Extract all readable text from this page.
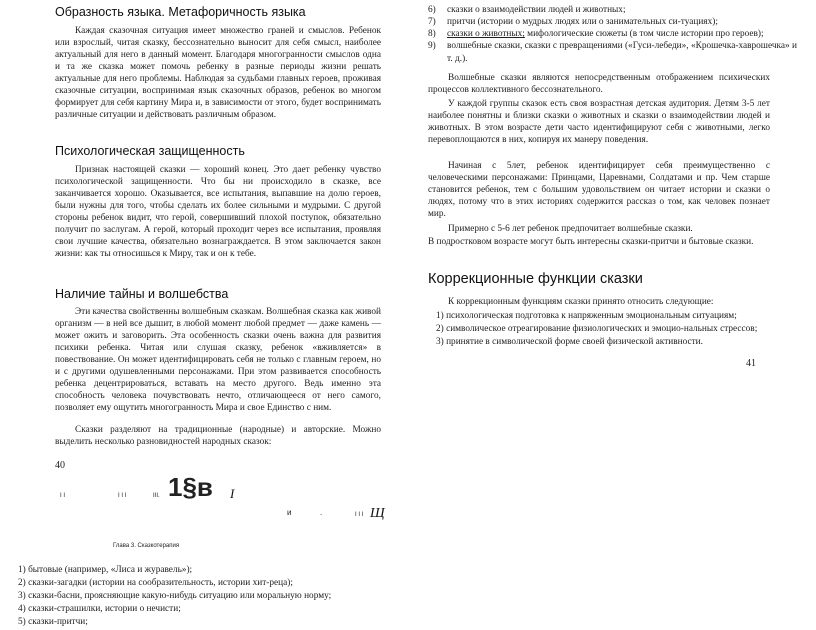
Образность языка. Метафоричность языка
Каждая сказочная ситуация имеет множество граней и смыслов. Ребенок или взрослый, читая сказку, бессознательно выносит для себя смысл, наиболее актуальный для него в данный момент. Благодаря многогранности смыслов одна и та же сказка может помочь ребенку в разные периоды жизни решать актуальные для него проблемы. Наблюдая за судьбами главных героев, проживая сказочные ситуации, воспринимая язык сказочных образов, ребенок во многом формирует для себя картину Мира и, в зависимости от этого, будет воспринимать различные ситуации и действовать различным образом.
Психологическая защищенность
Признак настоящей сказки — хороший конец. Это дает ребенку чувство психологической защищенности. Что бы ни происходило в сказке, все заканчивается хорошо. Оказывается, все испытания, выпавшие на долю героев, были нужны для того, чтобы сделать их более сильными и мудрыми. С другой стороны ребенок видит, что герой, совершивший плохой поступок, обязательно получит по заслугам. А герой, который проходит через все испытания, проявляя свои лучшие качества, обязательно вознаграждается. В этом заключается закон жизни: как ты относишься к Миру, так и он к тебе.
Наличие тайны и волшебства
Эти качества свойственны волшебным сказкам. Волшебная сказка как живой организм — в ней все дышит, в любой момент любой предмет — даже камень — может ожить и заговорить. Эта особенность сказки очень важна для развития психики ребенка. Читая или слушая сказку, ребенок «вживляется» в повествование. Он может идентифицировать себя не только с главным героем, но и с другими одушевленными персонажами. При этом развивается способность ребенка децентрироваться, вставать на место другого. Ведь именно эта способность человека почувствовать нечто, отличающееся от него самого, позволяет ему ощутить многогранность Мира и свое Единство с ним.
Сказки разделяют на традиционные (народные) и авторские. Можно выделить несколько разновидностей народных сказок:
40
I I	I I I	III. 1§в I
и	.	I I I Щ
Глава 3. Сказкотерапия
1) бытовые (например, «Лиса и журавель»);
2) сказки-загадки (истории на сообразительность, истории хит-реца);
3) сказки-басни, проясняющие какую-нибудь ситуацию или моральную норму;
4) сказки-страшилки, истории о нечисти;
5) сказки-притчи;
6) сказки о взаимодействии людей и животных;
7) притчи (истории о мудрых людях или о занимательных си-туациях);
8) сказки о животных; мифологические сюжеты (в том числе истории про героев);
9) волшебные сказки, сказки с превращениями («Гуси-лебеди», «Крошечка-хаврошечка» и т. д.).
Волшебные сказки являются непосредственным отображением психических процессов коллективного бессознательного.
У каждой группы сказок есть своя возрастная детская аудитория. Детям 3-5 лет наиболее понятны и близки сказки о животных и сказки о взаимодействии людей и животных. В этом возрасте дети часто идентифицируют себя с животными, легко перевоплощаются в них, копируя их манеру поведения.
Начиная с 5лет, ребенок идентифицирует себя преимущественно с человеческими персонажами: Принцами, Царевнами, Солдатами и пр. Чем старше становится ребенок, тем с большим удовольствием он читает истории и сказки о людях, потому что в этих историях содержится рассказ о том, как человек познает мир.
Примерно с 5-6 лет ребенок предпочитает волшебные сказки.
В подростковом возрасте могут быть интересны сказки-притчи и бытовые сказки.
Коррекционные функции сказки
К коррекционным функциям сказки принято относить следующие:
1) психологическая подготовка к напряженным эмоциональным ситуациям;
2) символическое отреагирование физиологических и эмоцио-нальных стрессов;
3) принятие в символической форме своей физической активности.
41
